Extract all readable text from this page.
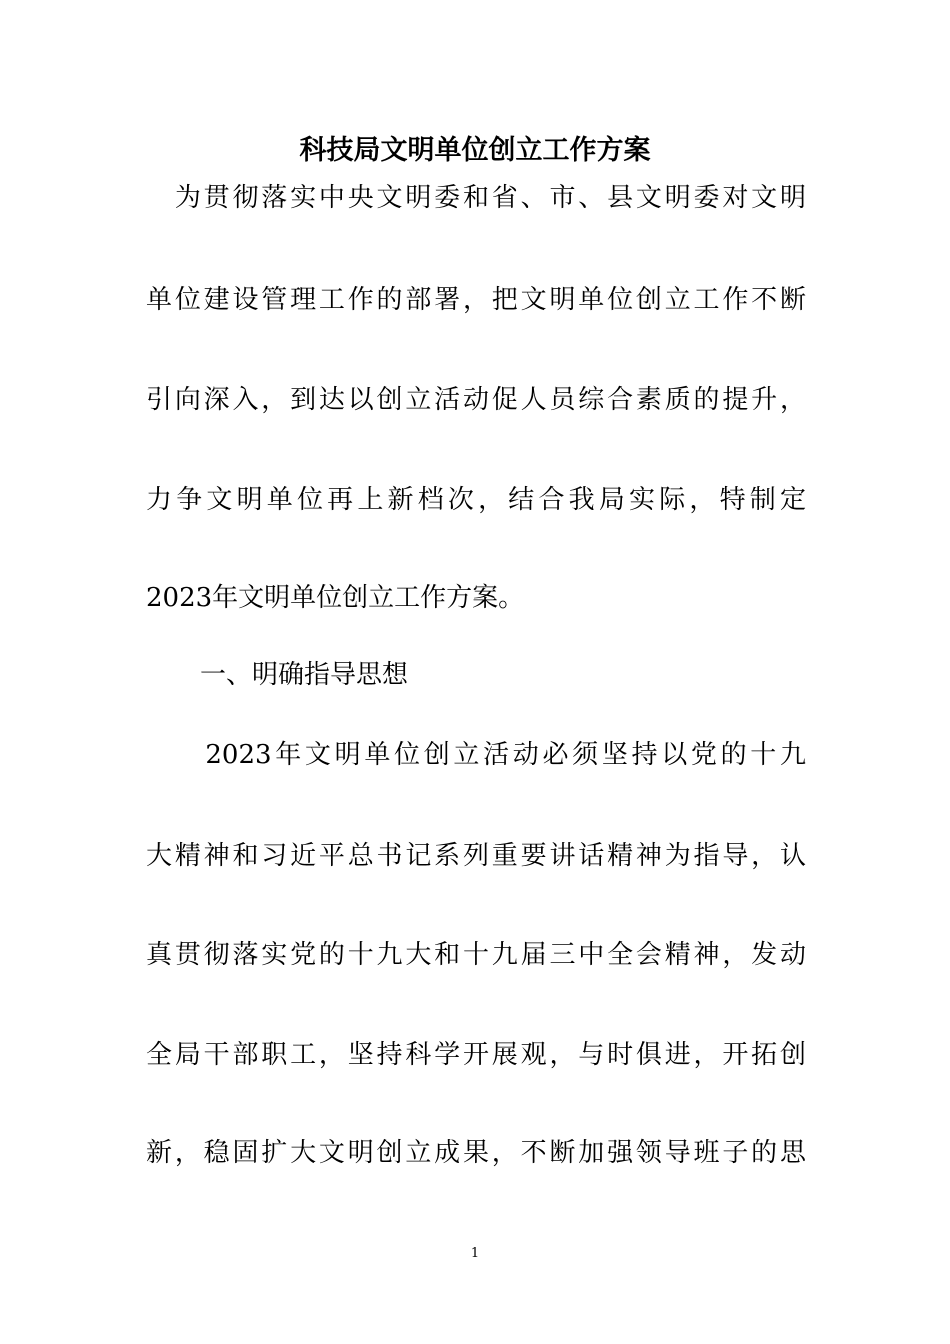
科技局文明单位创立工作方案
　为贯彻落实中央文明委和省、市、县文明委对文明
单位建设管理工作的部署，把文明单位创立工作不断
引向深入，到达以创立活动促人员综合素质的提升，
力争文明单位再上新档次，结合我局实际，特制定
2023年文明单位创立工作方案。
一、明确指导思想
　　2023年文明单位创立活动必须坚持以党的十九
大精神和习近平总书记系列重要讲话精神为指导，认
真贯彻落实党的十九大和十九届三中全会精神，发动
全局干部职工，坚持科学开展观，与时俱进，开拓创
新，稳固扩大文明创立成果，不断加强领导班子的思
1
